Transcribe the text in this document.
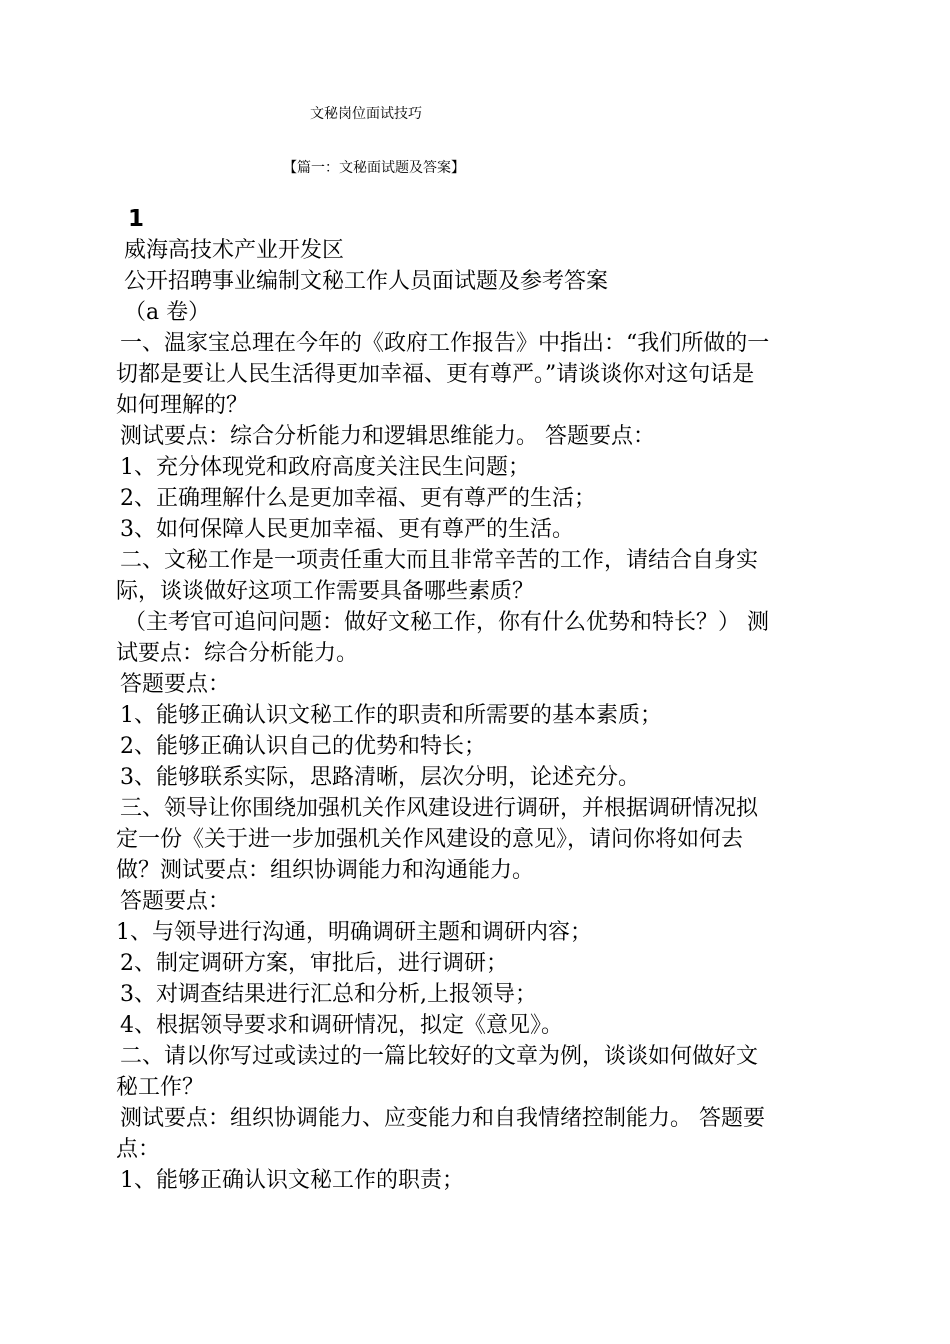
文秘岗位面试技巧
【篇一：文秘面试题及答案】

1

威海高技术产业开发区

公开招聘事业编制文秘工作人员面试题及参考答案

（a 卷）

一、温家宝总理在今年的《政府工作报告》中指出：“我们所做的一

切都是要让人民生活得更加幸福、更有尊严。”请谈谈你对这句话是

如何理解的？

测试要点：综合分析能力和逻辑思维能力。 答题要点：

1、充分体现党和政府高度关注民生问题；

2、正确理解什么是更加幸福、更有尊严的生活；

3、如何保障人民更加幸福、更有尊严的生活。

二、文秘工作是一项责任重大而且非常辛苦的工作，请结合自身实

际，谈谈做好这项工作需要具备哪些素质？

（主考官可追问问题：做好文秘工作，你有什么优势和特长？） 测

试要点：综合分析能力。

答题要点：

1、能够正确认识文秘工作的职责和所需要的基本素质；

2、能够正确认识自己的优势和特长；

3、能够联系实际，思路清晰，层次分明，论述充分。

三、领导让你围绕加强机关作风建设进行调研，并根据调研情况拟

定一份《关于进一步加强机关作风建设的意见》，请问你将如何去

做？测试要点：组织协调能力和沟通能力。

答题要点：

1、与领导进行沟通，明确调研主题和调研内容；

2、制定调研方案，审批后，进行调研；

3、对调查结果进行汇总和分析,上报领导；

4、根据领导要求和调研情况，拟定《意见》。

二、请以你写过或读过的一篇比较好的文章为例，谈谈如何做好文

秘工作？

测试要点：组织协调能力、应变能力和自我情绪控制能力。 答题要

点：

1、能够正确认识文秘工作的职责；
